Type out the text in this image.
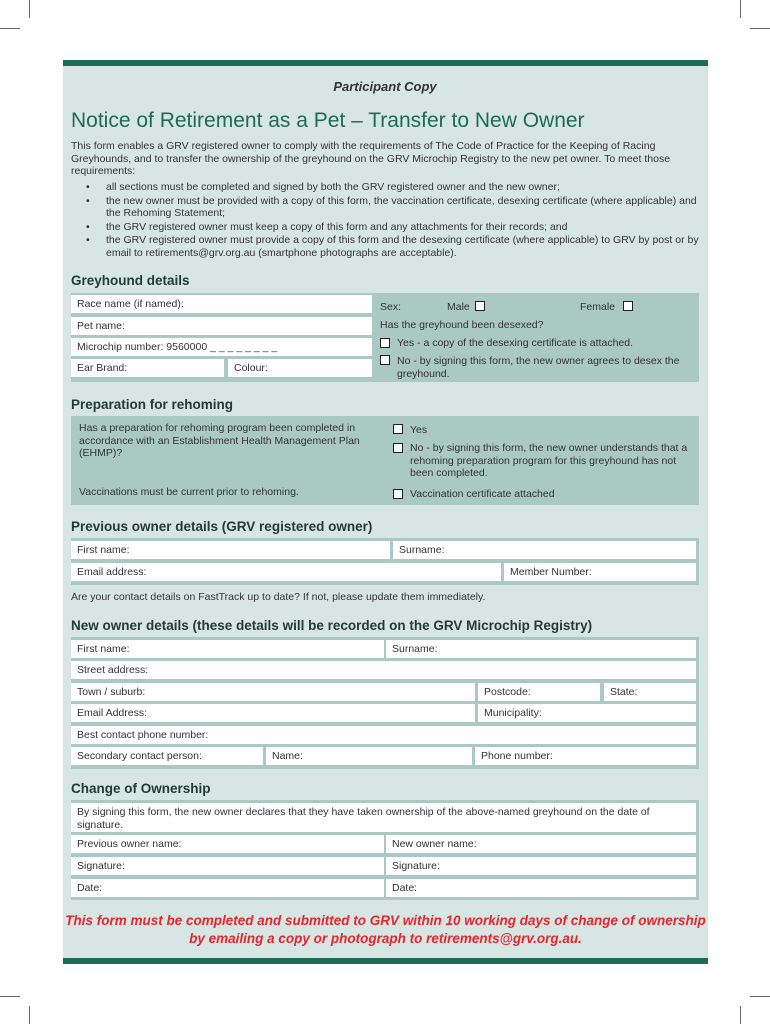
Participant Copy
Notice of Retirement as a Pet – Transfer to New Owner
This form enables a GRV registered owner to comply with the requirements of The Code of Practice for the Keeping of Racing Greyhounds, and to transfer the ownership of the greyhound on the GRV Microchip Registry to the new pet owner. To meet those requirements:
• all sections must be completed and signed by both the GRV registered owner and the new owner;
• the new owner must be provided with a copy of this form, the vaccination certificate, desexing certificate (where applicable) and the Rehoming Statement;
• the GRV registered owner must keep a copy of this form and any attachments for their records; and
• the GRV registered owner must provide a copy of this form and the desexing certificate (where applicable) to GRV by post or by email to retirements@grv.org.au (smartphone photographs are acceptable).
Greyhound details
Race name (if named):
Pet name:
Microchip number: 9560000 _ _ _ _ _ _ _ _
Ear Brand:	Colour:
Sex:	Male	Female
Has the greyhound been desexed?
Yes - a copy of the desexing certificate is attached.
No - by signing this form, the new owner agrees to desex the greyhound.
Preparation for rehoming
Has a preparation for rehoming program been completed in accordance with an Establishment Health Management Plan (EHMP)?
Yes
No - by signing this form, the new owner understands that a rehoming preparation program for this greyhound has not been completed.
Vaccinations must be current prior to rehoming.	Vaccination certificate attached
Previous owner details (GRV registered owner)
First name:	Surname:
Email address:	Member Number:
Are your contact details on FastTrack up to date? If not, please update them immediately.
New owner details (these details will be recorded on the GRV Microchip Registry)
First name:	Surname:
Street address:
Town / suburb:	Postcode:	State:
Email Address:	Municipality:
Best contact phone number:
Secondary contact person:	Name:	Phone number:
Change of Ownership
By signing this form, the new owner declares that they have taken ownership of the above-named greyhound on the date of signature.
Previous owner name:	New owner name:
Signature:	Signature:
Date:	Date:
This form must be completed and submitted to GRV within 10 working days of change of ownership by emailing a copy or photograph to retirements@grv.org.au.
